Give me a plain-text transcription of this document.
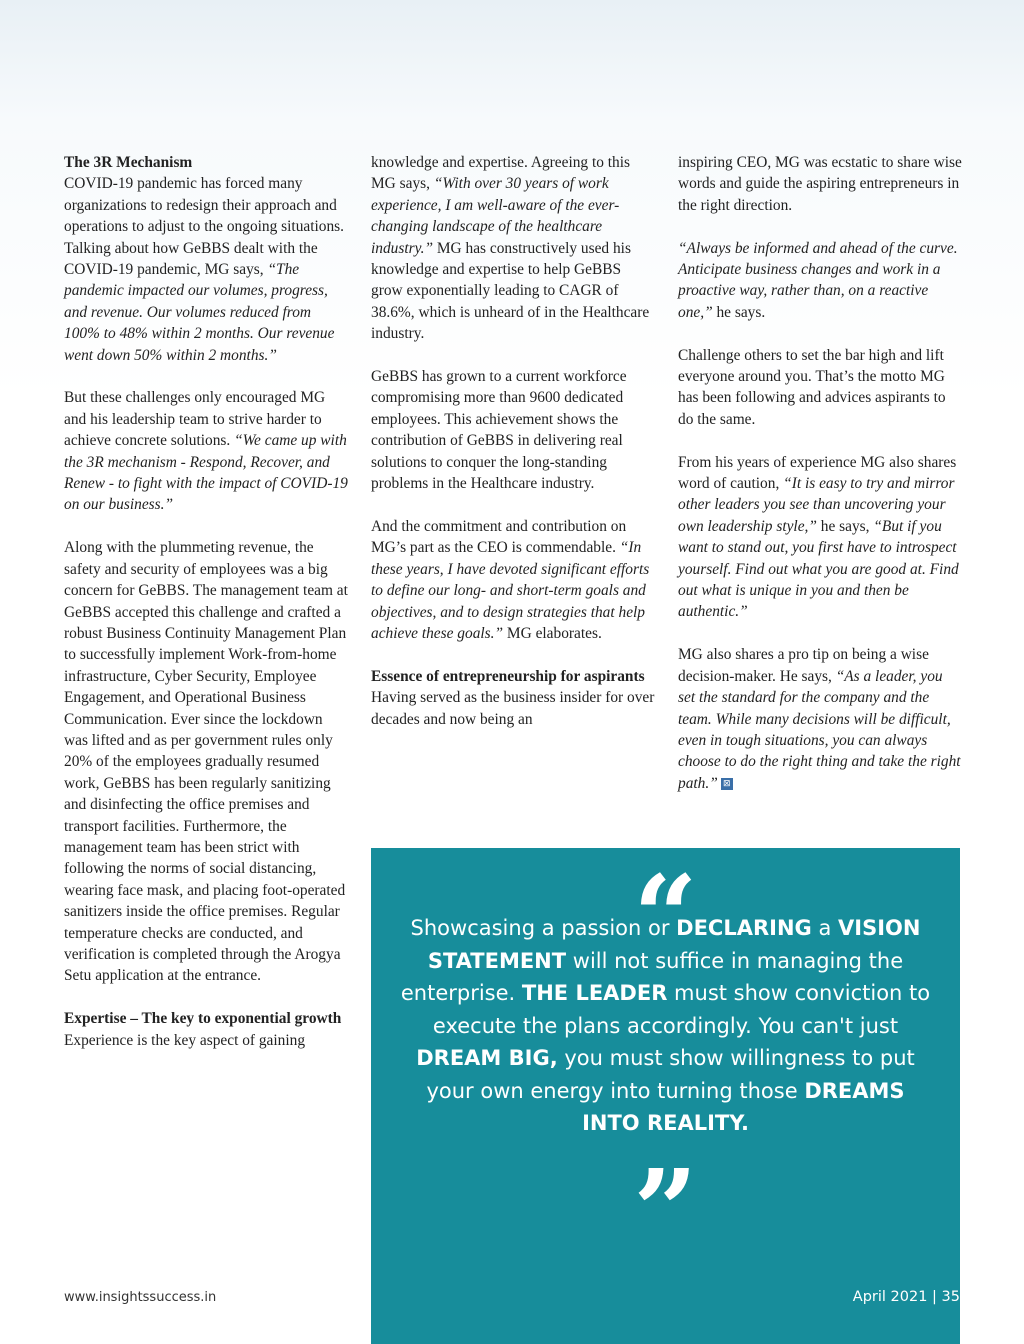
The 3R Mechanism
COVID-19 pandemic has forced many organizations to redesign their approach and operations to adjust to the ongoing situations. Talking about how GeBBS dealt with the COVID-19 pandemic, MG says, “The pandemic impacted our volumes, progress, and revenue. Our volumes reduced from 100% to 48% within 2 months. Our revenue went down 50% within 2 months.”

But these challenges only encouraged MG and his leadership team to strive harder to achieve concrete solutions. “We came up with the 3R mechanism - Respond, Recover, and Renew - to fight with the impact of COVID-19 on our business.”

Along with the plummeting revenue, the safety and security of employees was a big concern for GeBBS. The management team at GeBBS accepted this challenge and crafted a robust Business Continuity Management Plan to successfully implement Work-from-home infrastructure, Cyber Security, Employee Engagement, and Operational Business Communication. Ever since the lockdown was lifted and as per government rules only 20% of the employees gradually resumed work, GeBBS has been regularly sanitizing and disinfecting the office premises and transport facilities. Furthermore, the management team has been strict with following the norms of social distancing, wearing face mask, and placing foot-operated sanitizers inside the office premises. Regular temperature checks are conducted, and verification is completed through the Arogya Setu application at the entrance.

Expertise – The key to exponential growth
Experience is the key aspect of gaining

knowledge and expertise. Agreeing to this MG says, “With over 30 years of work experience, I am well-aware of the ever-changing landscape of the healthcare industry.” MG has constructively used his knowledge and expertise to help GeBBS grow exponentially leading to CAGR of 38.6%, which is unheard of in the Healthcare industry.

GeBBS has grown to a current workforce compromising more than 9600 dedicated employees. This achievement shows the contribution of GeBBS in delivering real solutions to conquer the long-standing problems in the Healthcare industry.

And the commitment and contribution on MG’s part as the CEO is commendable. “In these years, I have devoted significant efforts to define our long- and short-term goals and objectives, and to design strategies that help achieve these goals.” MG elaborates.

Essence of entrepreneurship for aspirants
Having served as the business insider for over decades and now being an

inspiring CEO, MG was ecstatic to share wise words and guide the aspiring entrepreneurs in the right direction.

“Always be informed and ahead of the curve. Anticipate business changes and work in a proactive way, rather than, on a reactive one,” he says.

Challenge others to set the bar high and lift everyone around you. That’s the motto MG has been following and advices aspirants to do the same.

From his years of experience MG also shares word of caution, “It is easy to try and mirror other leaders you see than uncovering your own leadership style,” he says, “But if you want to stand out, you first have to introspect yourself. Find out what you are good at. Find out what is unique in you and then be authentic.”

MG also shares a pro tip on being a wise decision-maker. He says, “As a leader, you set the standard for the company and the team. While many decisions will be difficult, even in tough situations, you can always choose to do the right thing and take the right path.” ⊠

“
Showcasing a passion or DECLARING a VISION STATEMENT will not suffice in managing the enterprise. THE LEADER must show conviction to execute the plans accordingly. You can't just DREAM BIG, you must show willingness to put your own energy into turning those DREAMS INTO REALITY.
”
www.insightssuccess.in	April 2021 | 35
